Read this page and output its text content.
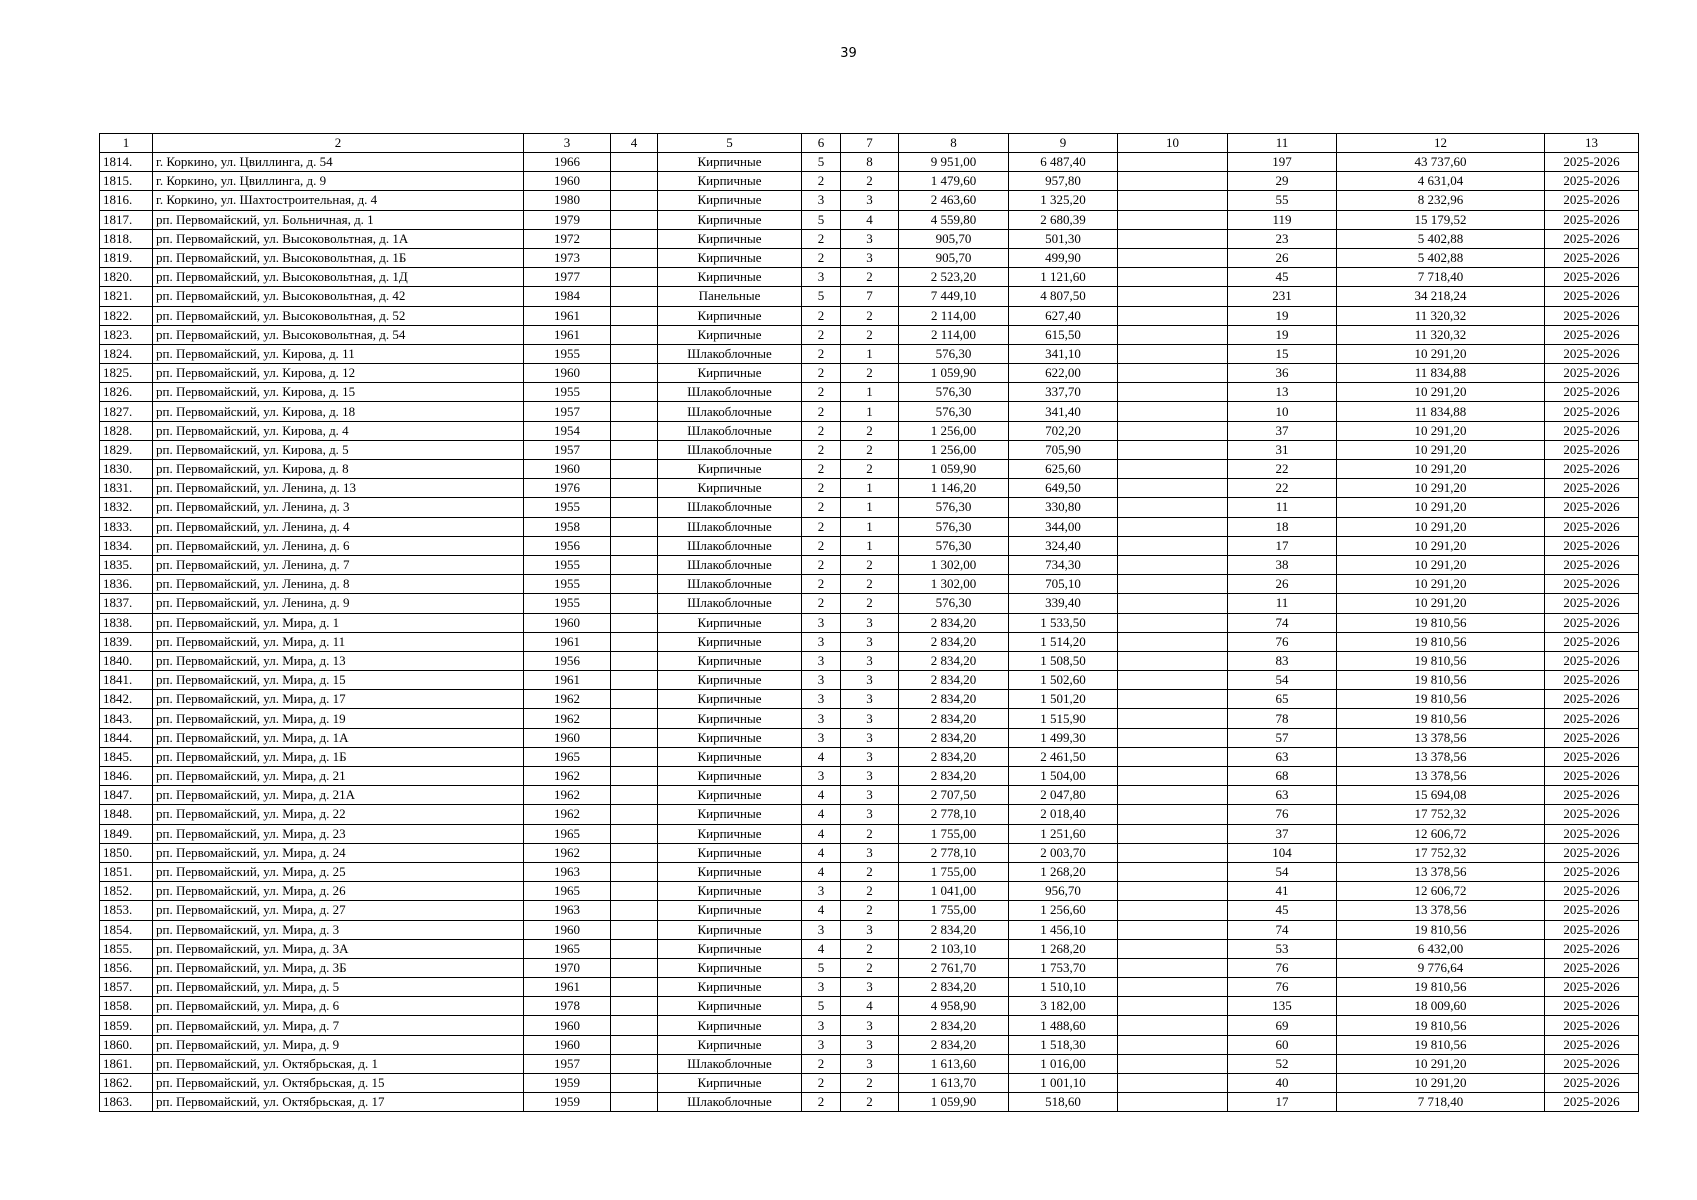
39
1	2	3	4	5	6	7	8	9	10	11	12	13
1814.	г. Коркино, ул. Цвиллинга, д. 54	1966		Кирпичные	5	8	9 951,00	6 487,40		197	43 737,60	2025-2026
1815.	г. Коркино, ул. Цвиллинга, д. 9	1960		Кирпичные	2	2	1 479,60	957,80		29	4 631,04	2025-2026
1816.	г. Коркино, ул. Шахтостроительная, д. 4	1980		Кирпичные	3	3	2 463,60	1 325,20		55	8 232,96	2025-2026
1817.	рп. Первомайский, ул. Больничная, д. 1	1979		Кирпичные	5	4	4 559,80	2 680,39		119	15 179,52	2025-2026
1818.	рп. Первомайский, ул. Высоковольтная, д. 1А	1972		Кирпичные	2	3	905,70	501,30		23	5 402,88	2025-2026
1819.	рп. Первомайский, ул. Высоковольтная, д. 1Б	1973		Кирпичные	2	3	905,70	499,90		26	5 402,88	2025-2026
1820.	рп. Первомайский, ул. Высоковольтная, д. 1Д	1977		Кирпичные	3	2	2 523,20	1 121,60		45	7 718,40	2025-2026
1821.	рп. Первомайский, ул. Высоковольтная, д. 42	1984		Панельные	5	7	7 449,10	4 807,50		231	34 218,24	2025-2026
1822.	рп. Первомайский, ул. Высоковольтная, д. 52	1961		Кирпичные	2	2	2 114,00	627,40		19	11 320,32	2025-2026
1823.	рп. Первомайский, ул. Высоковольтная, д. 54	1961		Кирпичные	2	2	2 114,00	615,50		19	11 320,32	2025-2026
1824.	рп. Первомайский, ул. Кирова, д. 11	1955		Шлакоблочные	2	1	576,30	341,10		15	10 291,20	2025-2026
1825.	рп. Первомайский, ул. Кирова, д. 12	1960		Кирпичные	2	2	1 059,90	622,00		36	11 834,88	2025-2026
1826.	рп. Первомайский, ул. Кирова, д. 15	1955		Шлакоблочные	2	1	576,30	337,70		13	10 291,20	2025-2026
1827.	рп. Первомайский, ул. Кирова, д. 18	1957		Шлакоблочные	2	1	576,30	341,40		10	11 834,88	2025-2026
1828.	рп. Первомайский, ул. Кирова, д. 4	1954		Шлакоблочные	2	2	1 256,00	702,20		37	10 291,20	2025-2026
1829.	рп. Первомайский, ул. Кирова, д. 5	1957		Шлакоблочные	2	2	1 256,00	705,90		31	10 291,20	2025-2026
1830.	рп. Первомайский, ул. Кирова, д. 8	1960		Кирпичные	2	2	1 059,90	625,60		22	10 291,20	2025-2026
1831.	рп. Первомайский, ул. Ленина, д. 13	1976		Кирпичные	2	1	1 146,20	649,50		22	10 291,20	2025-2026
1832.	рп. Первомайский, ул. Ленина, д. 3	1955		Шлакоблочные	2	1	576,30	330,80		11	10 291,20	2025-2026
1833.	рп. Первомайский, ул. Ленина, д. 4	1958		Шлакоблочные	2	1	576,30	344,00		18	10 291,20	2025-2026
1834.	рп. Первомайский, ул. Ленина, д. 6	1956		Шлакоблочные	2	1	576,30	324,40		17	10 291,20	2025-2026
1835.	рп. Первомайский, ул. Ленина, д. 7	1955		Шлакоблочные	2	2	1 302,00	734,30		38	10 291,20	2025-2026
1836.	рп. Первомайский, ул. Ленина, д. 8	1955		Шлакоблочные	2	2	1 302,00	705,10		26	10 291,20	2025-2026
1837.	рп. Первомайский, ул. Ленина, д. 9	1955		Шлакоблочные	2	2	576,30	339,40		11	10 291,20	2025-2026
1838.	рп. Первомайский, ул. Мира, д. 1	1960		Кирпичные	3	3	2 834,20	1 533,50		74	19 810,56	2025-2026
1839.	рп. Первомайский, ул. Мира, д. 11	1961		Кирпичные	3	3	2 834,20	1 514,20		76	19 810,56	2025-2026
1840.	рп. Первомайский, ул. Мира, д. 13	1956		Кирпичные	3	3	2 834,20	1 508,50		83	19 810,56	2025-2026
1841.	рп. Первомайский, ул. Мира, д. 15	1961		Кирпичные	3	3	2 834,20	1 502,60		54	19 810,56	2025-2026
1842.	рп. Первомайский, ул. Мира, д. 17	1962		Кирпичные	3	3	2 834,20	1 501,20		65	19 810,56	2025-2026
1843.	рп. Первомайский, ул. Мира, д. 19	1962		Кирпичные	3	3	2 834,20	1 515,90		78	19 810,56	2025-2026
1844.	рп. Первомайский, ул. Мира, д. 1А	1960		Кирпичные	3	3	2 834,20	1 499,30		57	13 378,56	2025-2026
1845.	рп. Первомайский, ул. Мира, д. 1Б	1965		Кирпичные	4	3	2 834,20	2 461,50		63	13 378,56	2025-2026
1846.	рп. Первомайский, ул. Мира, д. 21	1962		Кирпичные	3	3	2 834,20	1 504,00		68	13 378,56	2025-2026
1847.	рп. Первомайский, ул. Мира, д. 21А	1962		Кирпичные	4	3	2 707,50	2 047,80		63	15 694,08	2025-2026
1848.	рп. Первомайский, ул. Мира, д. 22	1962		Кирпичные	4	3	2 778,10	2 018,40		76	17 752,32	2025-2026
1849.	рп. Первомайский, ул. Мира, д. 23	1965		Кирпичные	4	2	1 755,00	1 251,60		37	12 606,72	2025-2026
1850.	рп. Первомайский, ул. Мира, д. 24	1962		Кирпичные	4	3	2 778,10	2 003,70		104	17 752,32	2025-2026
1851.	рп. Первомайский, ул. Мира, д. 25	1963		Кирпичные	4	2	1 755,00	1 268,20		54	13 378,56	2025-2026
1852.	рп. Первомайский, ул. Мира, д. 26	1965		Кирпичные	3	2	1 041,00	956,70		41	12 606,72	2025-2026
1853.	рп. Первомайский, ул. Мира, д. 27	1963		Кирпичные	4	2	1 755,00	1 256,60		45	13 378,56	2025-2026
1854.	рп. Первомайский, ул. Мира, д. 3	1960		Кирпичные	3	3	2 834,20	1 456,10		74	19 810,56	2025-2026
1855.	рп. Первомайский, ул. Мира, д. 3А	1965		Кирпичные	4	2	2 103,10	1 268,20		53	6 432,00	2025-2026
1856.	рп. Первомайский, ул. Мира, д. 3Б	1970		Кирпичные	5	2	2 761,70	1 753,70		76	9 776,64	2025-2026
1857.	рп. Первомайский, ул. Мира, д. 5	1961		Кирпичные	3	3	2 834,20	1 510,10		76	19 810,56	2025-2026
1858.	рп. Первомайский, ул. Мира, д. 6	1978		Кирпичные	5	4	4 958,90	3 182,00		135	18 009,60	2025-2026
1859.	рп. Первомайский, ул. Мира, д. 7	1960		Кирпичные	3	3	2 834,20	1 488,60		69	19 810,56	2025-2026
1860.	рп. Первомайский, ул. Мира, д. 9	1960		Кирпичные	3	3	2 834,20	1 518,30		60	19 810,56	2025-2026
1861.	рп. Первомайский, ул. Октябрьская, д. 1	1957		Шлакоблочные	2	3	1 613,60	1 016,00		52	10 291,20	2025-2026
1862.	рп. Первомайский, ул. Октябрьская, д. 15	1959		Кирпичные	2	2	1 613,70	1 001,10		40	10 291,20	2025-2026
1863.	рп. Первомайский, ул. Октябрьская, д. 17	1959		Шлакоблочные	2	2	1 059,90	518,60		17	7 718,40	2025-2026
